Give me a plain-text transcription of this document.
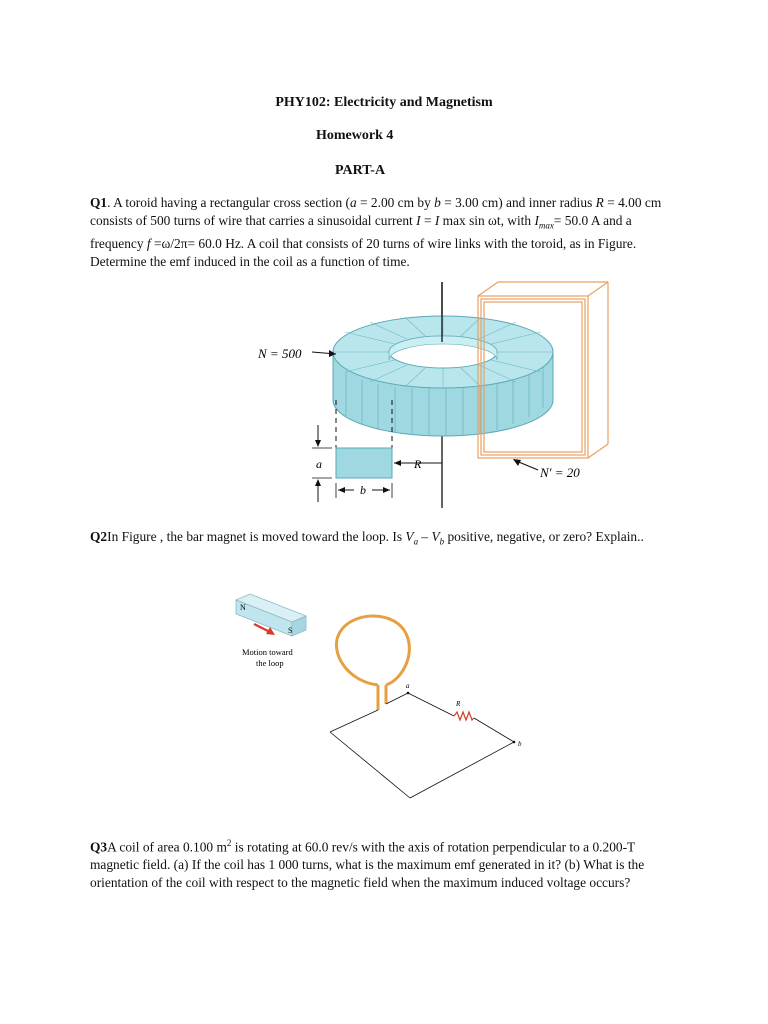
PHY102: Electricity and Magnetism
Homework 4
PART-A
Q1. A toroid having a rectangular cross section (a = 2.00 cm by b = 3.00 cm) and inner radius R = 4.00 cm consists of 500 turns of wire that carries a sinusoidal current I = I max sin ωt, with $I_{max}= 50.0$ A and a frequency f =ω/2π= 60.0 Hz. A coil that consists of 20 turns of wire links with the toroid, as in Figure. Determine the emf induced in the coil as a function of time.
N = 500
N′ = 20
a
b
R
Q2In Figure , the bar magnet is moved toward the loop. Is $V_a - V_b$ positive, negative, or zero? Explain..
N
S
Motion toward
the loop
a
b
R
Q3A coil of area 0.100 $m^2$ is rotating at 60.0 rev/s with the axis of rotation perpendicular to a 0.200-T magnetic field. (a) If the coil has 1 000 turns, what is the maximum emf generated in it? (b) What is the orientation of the coil with respect to the magnetic field when the maximum induced voltage occurs?
